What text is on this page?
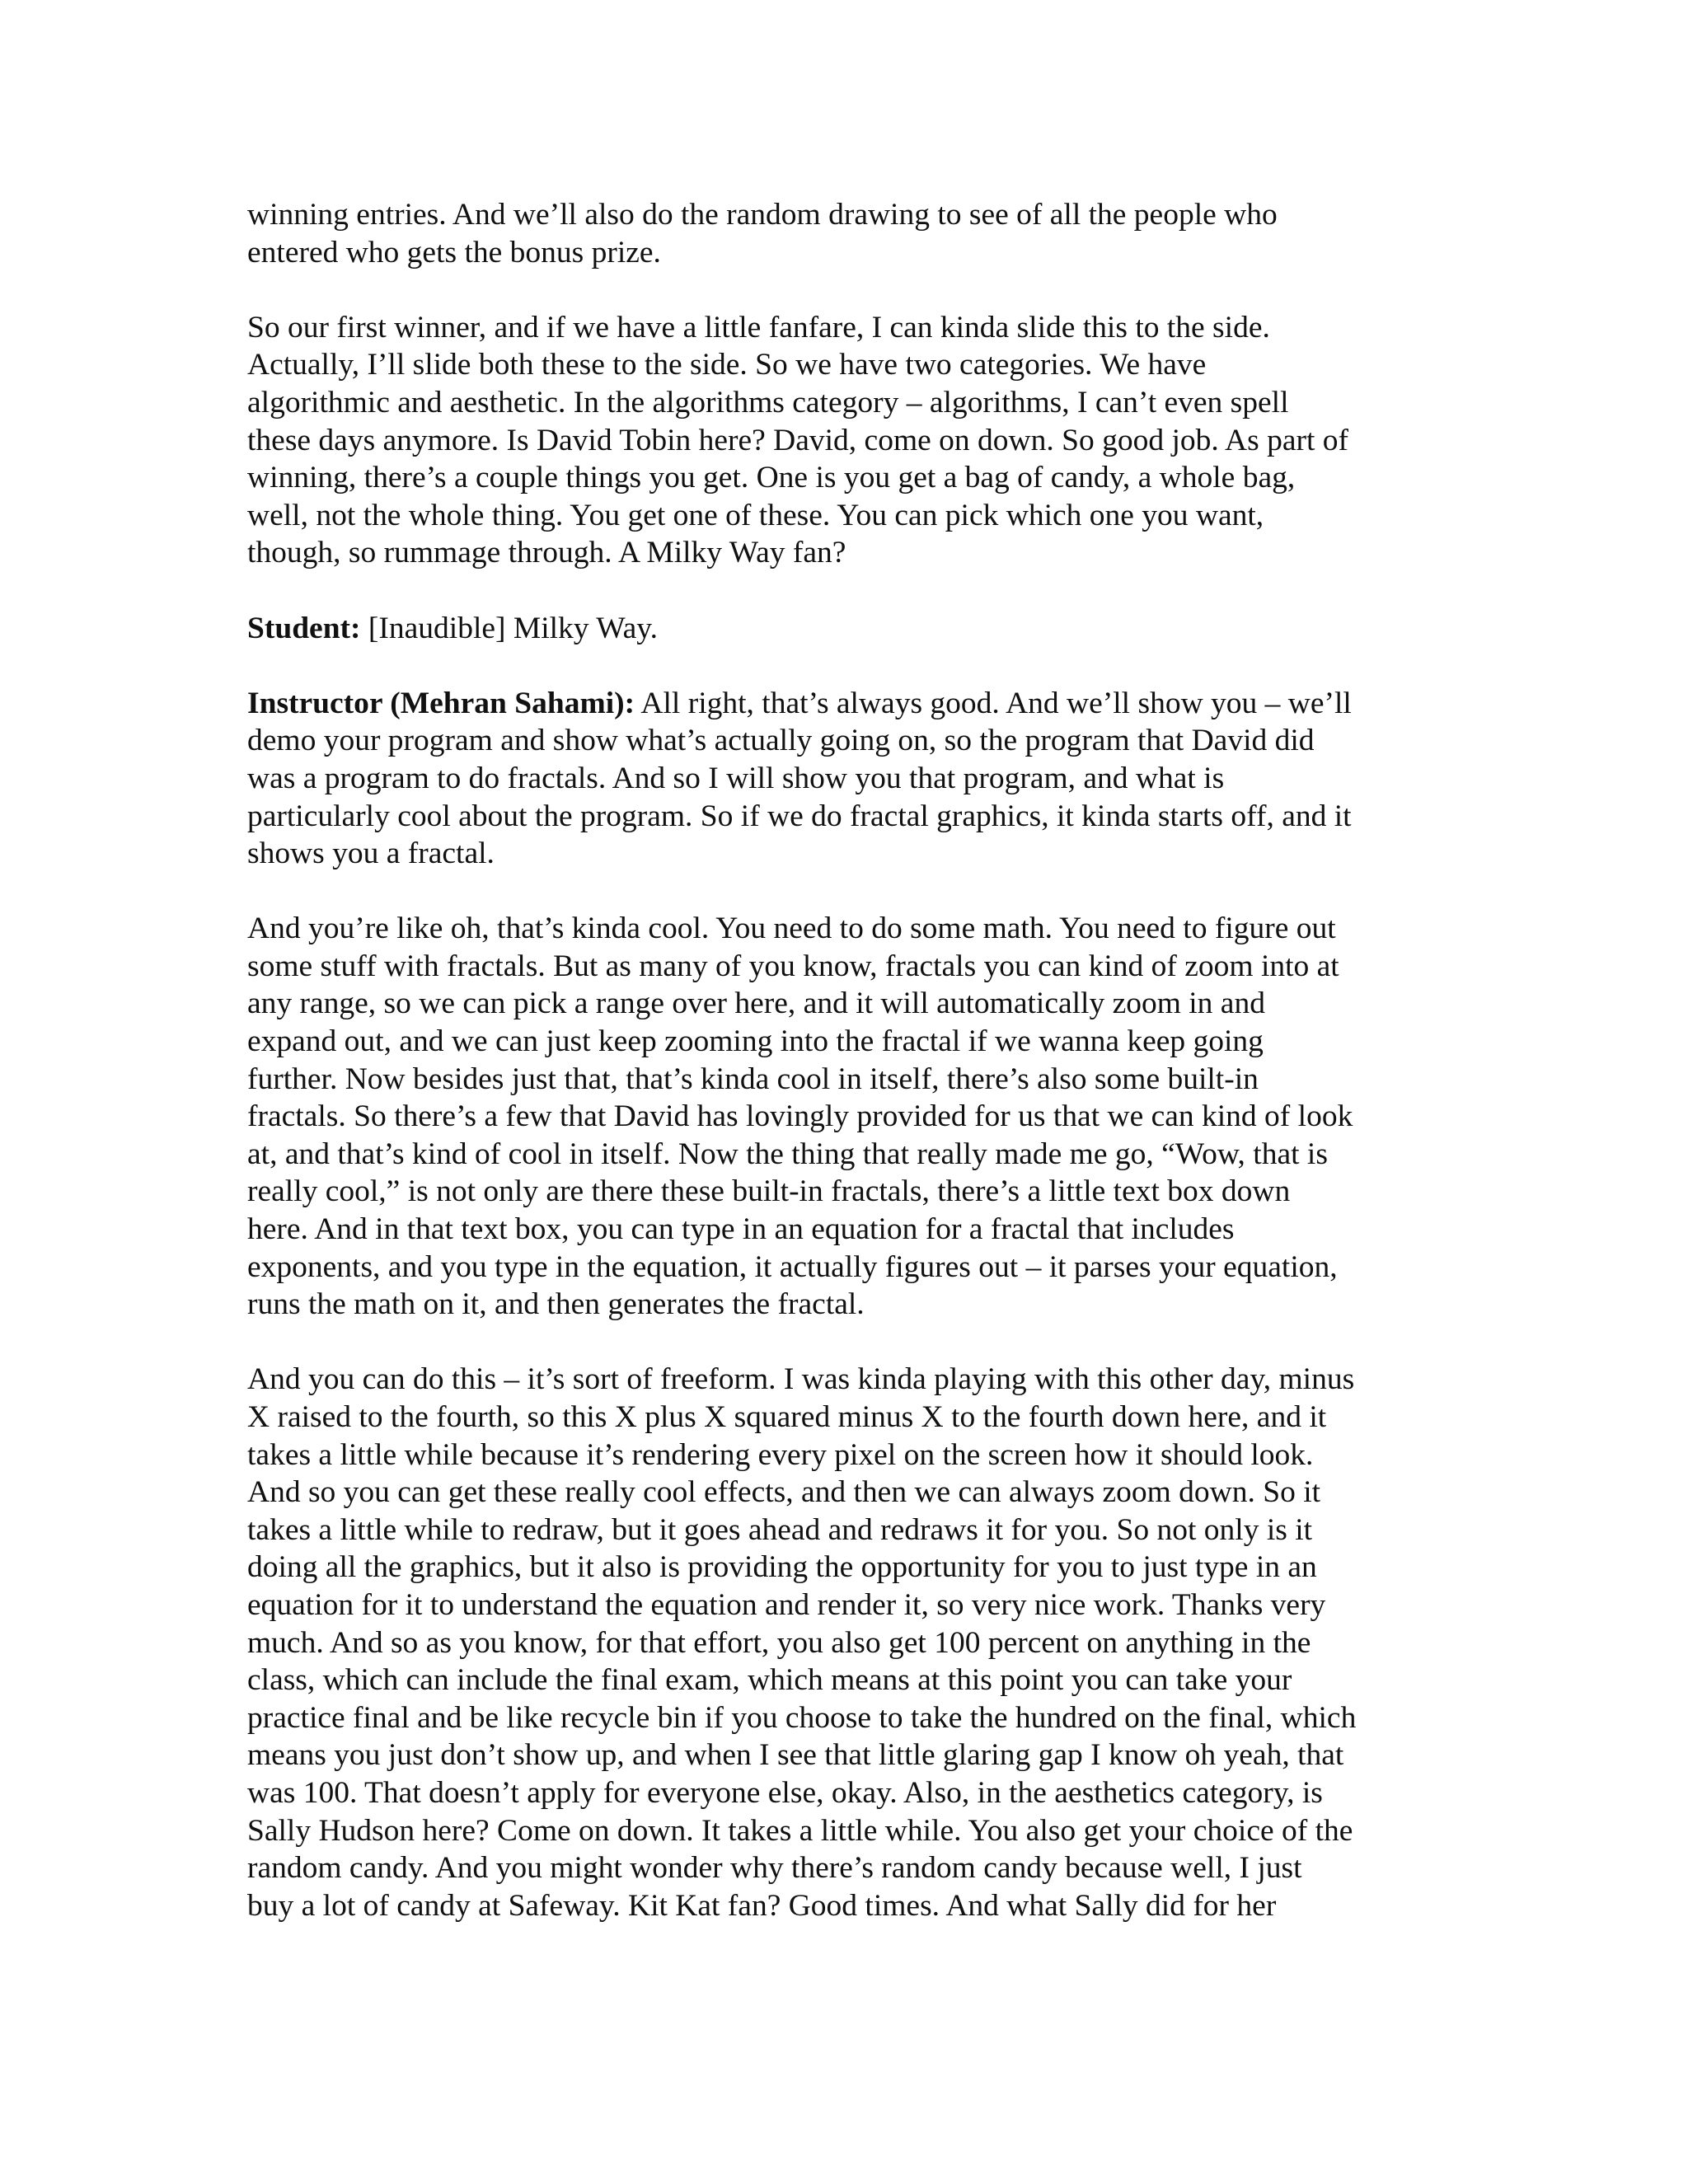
winning entries. And we’ll also do the random drawing to see of all the people who
entered who gets the bonus prize.

So our first winner, and if we have a little fanfare, I can kinda slide this to the side.
Actually, I’ll slide both these to the side. So we have two categories. We have
algorithmic and aesthetic. In the algorithms category – algorithms, I can’t even spell
these days anymore. Is David Tobin here? David, come on down. So good job. As part of
winning, there’s a couple things you get. One is you get a bag of candy, a whole bag,
well, not the whole thing. You get one of these. You can pick which one you want,
though, so rummage through. A Milky Way fan?

Student: [Inaudible] Milky Way.

Instructor (Mehran Sahami): All right, that’s always good. And we’ll show you – we’ll
demo your program and show what’s actually going on, so the program that David did
was a program to do fractals. And so I will show you that program, and what is
particularly cool about the program. So if we do fractal graphics, it kinda starts off, and it
shows you a fractal.

And you’re like oh, that’s kinda cool. You need to do some math. You need to figure out
some stuff with fractals. But as many of you know, fractals you can kind of zoom into at
any range, so we can pick a range over here, and it will automatically zoom in and
expand out, and we can just keep zooming into the fractal if we wanna keep going
further. Now besides just that, that’s kinda cool in itself, there’s also some built-in
fractals. So there’s a few that David has lovingly provided for us that we can kind of look
at, and that’s kind of cool in itself. Now the thing that really made me go, “Wow, that is
really cool,” is not only are there these built-in fractals, there’s a little text box down
here. And in that text box, you can type in an equation for a fractal that includes
exponents, and you type in the equation, it actually figures out – it parses your equation,
runs the math on it, and then generates the fractal.

And you can do this – it’s sort of freeform. I was kinda playing with this other day, minus
X raised to the fourth, so this X plus X squared minus X to the fourth down here, and it
takes a little while because it’s rendering every pixel on the screen how it should look.
And so you can get these really cool effects, and then we can always zoom down. So it
takes a little while to redraw, but it goes ahead and redraws it for you. So not only is it
doing all the graphics, but it also is providing the opportunity for you to just type in an
equation for it to understand the equation and render it, so very nice work. Thanks very
much. And so as you know, for that effort, you also get 100 percent on anything in the
class, which can include the final exam, which means at this point you can take your
practice final and be like recycle bin if you choose to take the hundred on the final, which
means you just don’t show up, and when I see that little glaring gap I know oh yeah, that
was 100. That doesn’t apply for everyone else, okay. Also, in the aesthetics category, is
Sally Hudson here? Come on down. It takes a little while. You also get your choice of the
random candy. And you might wonder why there’s random candy because well, I just
buy a lot of candy at Safeway. Kit Kat fan? Good times. And what Sally did for her
